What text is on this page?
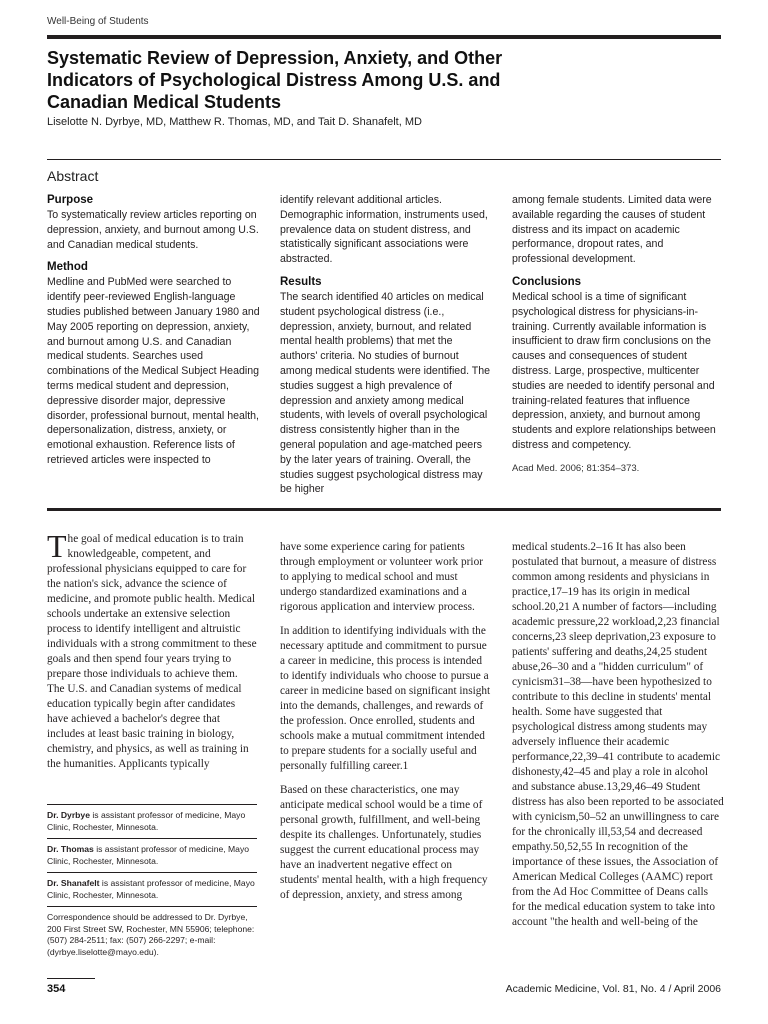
Well-Being of Students
Systematic Review of Depression, Anxiety, and Other Indicators of Psychological Distress Among U.S. and Canadian Medical Students
Liselotte N. Dyrbye, MD, Matthew R. Thomas, MD, and Tait D. Shanafelt, MD
Abstract
Purpose

To systematically review articles reporting on depression, anxiety, and burnout among U.S. and Canadian medical students.

Method

Medline and PubMed were searched to identify peer-reviewed English-language studies published between January 1980 and May 2005 reporting on depression, anxiety, and burnout among U.S. and Canadian medical students. Searches used combinations of the Medical Subject Heading terms medical student and depression, depressive disorder major, depressive disorder, professional burnout, mental health, depersonalization, distress, anxiety, or emotional exhaustion. Reference lists of retrieved articles were inspected to

identify relevant additional articles. Demographic information, instruments used, prevalence data on student distress, and statistically significant associations were abstracted.

Results

The search identified 40 articles on medical student psychological distress (i.e., depression, anxiety, burnout, and related mental health problems) that met the authors' criteria. No studies of burnout among medical students were identified. The studies suggest a high prevalence of depression and anxiety among medical students, with levels of overall psychological distress consistently higher than in the general population and age-matched peers by the later years of training. Overall, the studies suggest psychological distress may be higher

among female students. Limited data were available regarding the causes of student distress and its impact on academic performance, dropout rates, and professional development.

Conclusions

Medical school is a time of significant psychological distress for physicians-in-training. Currently available information is insufficient to draw firm conclusions on the causes and consequences of student distress. Large, prospective, multicenter studies are needed to identify personal and training-related features that influence depression, anxiety, and burnout among students and explore relationships between distress and competency.

Acad Med. 2006; 81:354–373.

The goal of medical education is to train knowledgeable, competent, and professional physicians equipped to care for the nation's sick, advance the science of medicine, and promote public health. Medical schools undertake an extensive selection process to identify intelligent and altruistic individuals with a strong commitment to these goals and then spend four years trying to prepare those individuals to achieve them. The U.S. and Canadian systems of medical education typically begin after candidates have achieved a bachelor's degree that includes at least basic training in biology, chemistry, and physics, as well as training in the humanities. Applicants typically

have some experience caring for patients through employment or volunteer work prior to applying to medical school and must undergo standardized examinations and a rigorous application and interview process.

In addition to identifying individuals with the necessary aptitude and commitment to pursue a career in medicine, this process is intended to identify individuals who choose to pursue a career in medicine based on significant insight into the demands, challenges, and rewards of the profession. Once enrolled, students and schools make a mutual commitment intended to prepare students for a socially useful and personally fulfilling career.1

Based on these characteristics, one may anticipate medical school would be a time of personal growth, fulfillment, and well-being despite its challenges. Unfortunately, studies suggest the current educational process may have an inadvertent negative effect on students' mental health, with a high frequency of depression, anxiety, and stress among

medical students.2–16 It has also been postulated that burnout, a measure of distress common among residents and physicians in practice,17–19 has its origin in medical school.20,21 A number of factors—including academic pressure,22 workload,2,23 financial concerns,23 sleep deprivation,23 exposure to patients' suffering and deaths,24,25 student abuse,26–30 and a "hidden curriculum" of cynicism31–38—have been hypothesized to contribute to this decline in students' mental health. Some have suggested that psychological distress among students may adversely influence their academic performance,22,39–41 contribute to academic dishonesty,42–45 and play a role in alcohol and substance abuse.13,29,46–49 Student distress has also been reported to be associated with cynicism,50–52 an unwillingness to care for the chronically ill,53,54 and decreased empathy.50,52,55 In recognition of the importance of these issues, the Association of American Medical Colleges (AAMC) report from the Ad Hoc Committee of Deans calls for the medical education system to take into account "the health and well-being of the

Dr. Dyrbye is assistant professor of medicine, Mayo Clinic, Rochester, Minnesota.
Dr. Thomas is assistant professor of medicine, Mayo Clinic, Rochester, Minnesota.
Dr. Shanafelt is assistant professor of medicine, Mayo Clinic, Rochester, Minnesota.
Correspondence should be addressed to Dr. Dyrbye, 200 First Street SW, Rochester, MN 55906; telephone: (507) 284-2511; fax: (507) 266-2297; e-mail: (dyrbye.liselotte@mayo.edu).
354	Academic Medicine, Vol. 81, No. 4 / April 2006
